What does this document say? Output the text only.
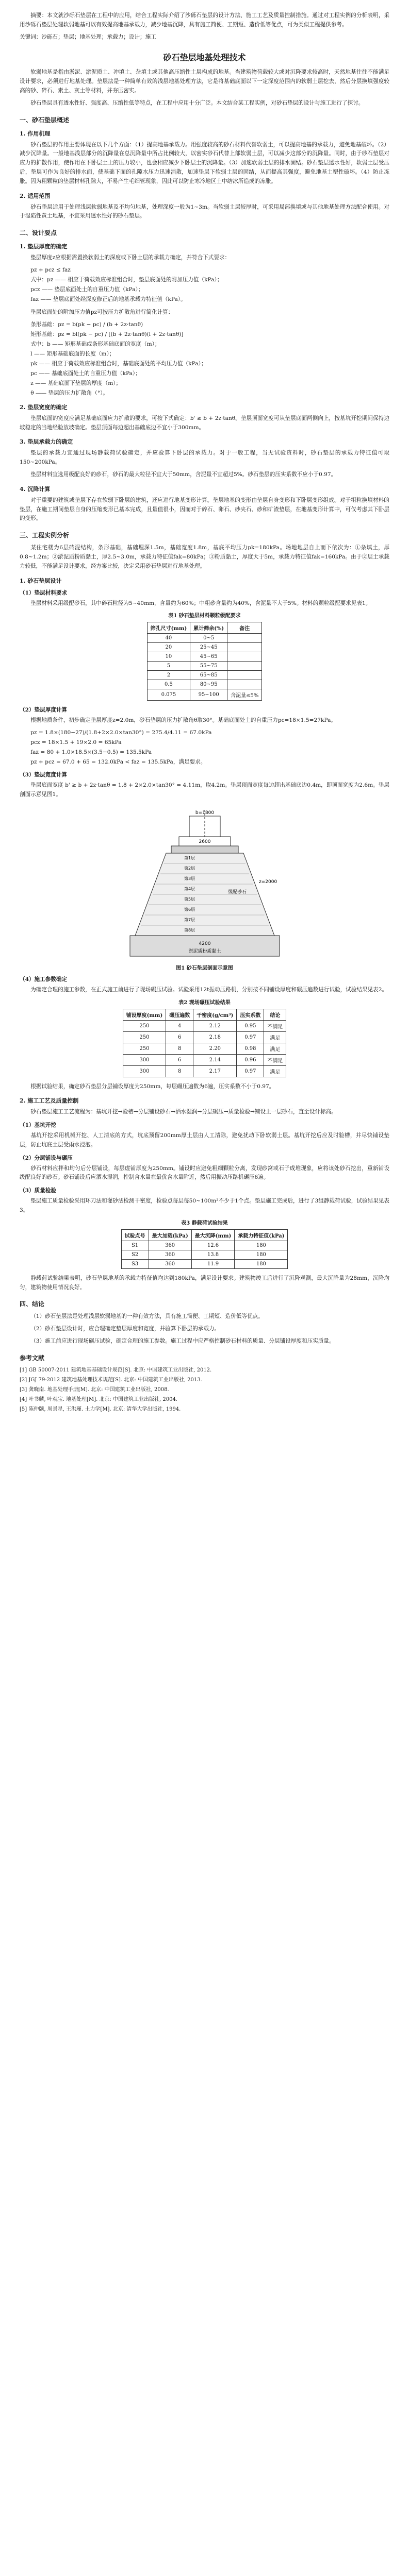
摘要：本文就沙砾石垫层在工程中的应用，结合工程实际介绍了沙砾石垫层的设计方法、施工工艺及质量控制措施。通过对工程实例的分析表明，采用沙砾石垫层处理软弱地基可以有效提高地基承载力，减少地基沉降，具有施工简便、工期短、造价低等优点，可为类似工程提供参考。

关键词：沙砾石；垫层；地基处理；承载力；设计；施工

砂石垫层地基处理技术

软弱地基是指由淤泥、淤泥质土、冲填土、杂填土或其他高压缩性土层构成的地基。当建筑物荷载较大或对沉降要求较高时，天然地基往往不能满足设计要求，必须进行地基处理。垫层法是一种简单有效的浅层地基处理方法，它是将基础底面以下一定深度范围内的软弱土层挖去，然后分层换填强度较高的砂、碎石、素土、灰土等材料，并夯压密实。

砂石垫层具有透水性好、强度高、压缩性低等特点，在工程中应用十分广泛。本文结合某工程实例，对砂石垫层的设计与施工进行了探讨。

一、砂石垫层概述
1. 作用机理

砂石垫层的作用主要体现在以下几个方面：（1）提高地基承载力。用强度较高的砂石材料代替软弱土，可以提高地基的承载力，避免地基破坏。（2）减少沉降量。一般地基浅层部分的沉降量在总沉降量中所占比例较大，以密实砂石代替上部软弱土层，可以减少这部分的沉降量。同时，由于砂石垫层对应力的扩散作用，使作用在下卧层土上的压力较小，也会相应减少下卧层土的沉降量。（3）加速软弱土层的排水固结。砂石垫层透水性好，软弱土层受压后，垫层可作为良好的排水面，使基础下面的孔隙水压力迅速消散，加速垫层下软弱土层的固结，从而提高其强度，避免地基土塑性破坏。（4）防止冻胀。因为粗颗粒的垫层材料孔隙大，不易产生毛细管现象，因此可以防止寒冷地区土中结冰所造成的冻胀。

2. 适用范围

砂石垫层适用于处理浅层软弱地基及不均匀地基，处理深度一般为1~3m。当软弱土层较厚时，可采用局部换填或与其他地基处理方法配合使用。对于湿陷性黄土地基，不宜采用透水性好的砂石垫层。

二、设计要点
1. 垫层厚度的确定

垫层厚度z应根据需置换软弱土的深度或下卧土层的承载力确定，并符合下式要求：

pz + pcz ≤ faz
式中：pz —— 相应于荷载效应标准组合时，垫层底面处的附加压力值（kPa）；
pcz —— 垫层底面处土的自重压力值（kPa）；
faz —— 垫层底面处经深度修正后的地基承载力特征值（kPa）。

垫层底面处的附加压力值pz可按压力扩散角进行简化计算：

条形基础：pz = b(pk − pc) / (b + 2z·tanθ)
矩形基础：pz = bl(pk − pc) / [(b + 2z·tanθ)(l + 2z·tanθ)]
式中：b —— 矩形基础或条形基础底面的宽度（m）；
l —— 矩形基础底面的长度（m）；
pk —— 相应于荷载效应标准组合时，基础底面处的平均压力值（kPa）；
pc —— 基础底面处土的自重压力值（kPa）；
z —— 基础底面下垫层的厚度（m）；
θ —— 垫层的压力扩散角（°）。
2. 垫层宽度的确定

垫层底面的宽度应满足基础底面应力扩散的要求，可按下式确定：b' ≥ b + 2z·tanθ。垫层顶面宽度可从垫层底面两侧向上，按基坑开挖期间保持边坡稳定的当地经验放坡确定。垫层顶面每边超出基础底边不宜小于300mm。

3. 垫层承载力的确定

垫层的承载力宜通过现场静载荷试验确定，并应验算下卧层的承载力。对于一般工程，当无试验资料时，砂石垫层的承载力特征值可取150~200kPa。

垫层材料宜选用级配良好的砂石，砂石的最大粒径不宜大于50mm，含泥量不宜超过5%。砂石垫层的压实系数不应小于0.97。

4. 沉降计算

对于重要的建筑或垫层下存在软弱下卧层的建筑，还应进行地基变形计算。垫层地基的变形由垫层自身变形和下卧层变形组成。对于粗粒换填材料的垫层，在施工期间垫层自身的压缩变形已基本完成，且量值很小，因而对于碎石、卵石、砂夹石、砂和矿渣垫层，在地基变形计算中，可仅考虑其下卧层的变形。

三、工程实例分析

某住宅楼为6层砖混结构，条形基础，基础埋深1.5m，基础宽度1.8m，基底平均压力pk=180kPa。场地地层自上而下依次为：①杂填土，厚0.8~1.2m；②淤泥质粉质黏土，厚2.5~3.0m，承载力特征值fak=80kPa；③粉质黏土，厚度大于5m，承载力特征值fak=160kPa。由于②层土承载力较低，不能满足设计要求，经方案比较，决定采用砂石垫层进行地基处理。

1. 砂石垫层设计
（1）垫层材料要求

垫层材料采用级配砂石，其中碎石粒径为5~40mm，含量约为60%；中粗砂含量约为40%，含泥量不大于5%。材料的颗粒级配要求见表1。

表1 砂石垫层材料颗粒级配要求
筛孔尺寸(mm)	累计筛余(%)	备注
40	0~5	
20	25~45	
10	45~65	
5	55~75	
2	65~85	
0.5	80~95	
0.075	95~100	含泥量≤5%
（2）垫层厚度计算

根据地质条件，初步确定垫层厚度z=2.0m，砂石垫层的压力扩散角θ取30°。基础底面处土的自重压力pc=18×1.5=27kPa。

pz = 1.8×(180−27)/(1.8+2×2.0×tan30°) = 275.4/4.11 = 67.0kPa
pcz = 18×1.5 + 19×2.0 = 65kPa
faz = 80 + 1.0×18.5×(3.5−0.5) = 135.5kPa
pz + pcz = 67.0 + 65 = 132.0kPa < faz = 135.5kPa，满足要求。
（3）垫层宽度计算

垫层底面宽度 b' ≥ b + 2z·tanθ = 1.8 + 2×2.0×tan30° = 4.11m，取4.2m。垫层顶面宽度每边超出基础底边0.4m，即顶面宽度为2.6m。垫层剖面示意见图1。

b=1800
2600
第1层
第2层
第3层
第4层
第5层
第6层
第7层
第8层
级配砂石
z=2000
4200
淤泥质粉质黏土
图1 砂石垫层剖面示意图
（4）施工参数确定

为确定合理的施工参数，在正式施工前进行了现场碾压试验。试验采用12t振动压路机，分别按不同铺设厚度和碾压遍数进行试验，试验结果见表2。

表2 现场碾压试验结果
铺设厚度(mm)	碾压遍数	干密度(g/cm³)	压实系数	结论
250	4	2.12	0.95	不满足
250	6	2.18	0.97	满足
250	8	2.20	0.98	满足
300	6	2.14	0.96	不满足
300	8	2.17	0.97	满足

根据试验结果，确定砂石垫层分层铺设厚度为250mm，每层碾压遍数为6遍，压实系数不小于0.97。

2. 施工工艺及质量控制

砂石垫层施工工艺流程为：基坑开挖→验槽→分层铺设砂石→洒水湿润→分层碾压→质量检验→铺设上一层砂石，直至设计标高。

（1）基坑开挖

基坑开挖采用机械开挖、人工清底的方式，坑底预留200mm厚土层由人工清除，避免扰动下卧软弱土层。基坑开挖后应及时验槽，并尽快铺设垫层，防止坑底土层受雨水浸泡。

（2）分层铺设与碾压

砂石材料应拌和均匀后分层铺设，每层虚铺厚度为250mm。铺设时应避免粗细颗粒分离，发现砂窝或石子成堆现象，应将该处砂石挖出，重新铺设级配良好的砂石。砂石铺设后应洒水湿润，控制含水量在最优含水量附近，然后用振动压路机碾压6遍。

（3）质量检验

垫层施工质量检验采用环刀法和灌砂法检测干密度，检验点每层每50~100m²不少于1个点。垫层施工完成后，进行了3组静载荷试验，试验结果见表3。

表3 静载荷试验结果
试验点号	最大加载(kPa)	最大沉降(mm)	承载力特征值(kPa)
S1	360	12.6	180
S2	360	13.8	180
S3	360	11.9	180

静载荷试验结果表明，砂石垫层地基的承载力特征值均达到180kPa，满足设计要求。建筑物竣工后进行了沉降观测，最大沉降量为28mm，沉降均匀，建筑物使用情况良好。

四、结论

（1）砂石垫层法是处理浅层软弱地基的一种有效方法，具有施工简便、工期短、造价低等优点。

（2）砂石垫层设计时，应合理确定垫层厚度和宽度，并验算下卧层的承载力。

（3）施工前应进行现场碾压试验，确定合理的施工参数。施工过程中应严格控制砂石材料的质量、分层铺设厚度和压实质量。

参考文献

[1] GB 50007-2011 建筑地基基础设计规范[S]. 北京: 中国建筑工业出版社, 2012.

[2] JGJ 79-2012 建筑地基处理技术规范[S]. 北京: 中国建筑工业出版社, 2013.

[3] 龚晓南. 地基处理手册[M]. 北京: 中国建筑工业出版社, 2008.

[4] 叶书麟, 叶观宝. 地基处理[M]. 北京: 中国建筑工业出版社, 2004.

[5] 陈仲颐, 周景星, 王洪瑾. 土力学[M]. 北京: 清华大学出版社, 1994.
